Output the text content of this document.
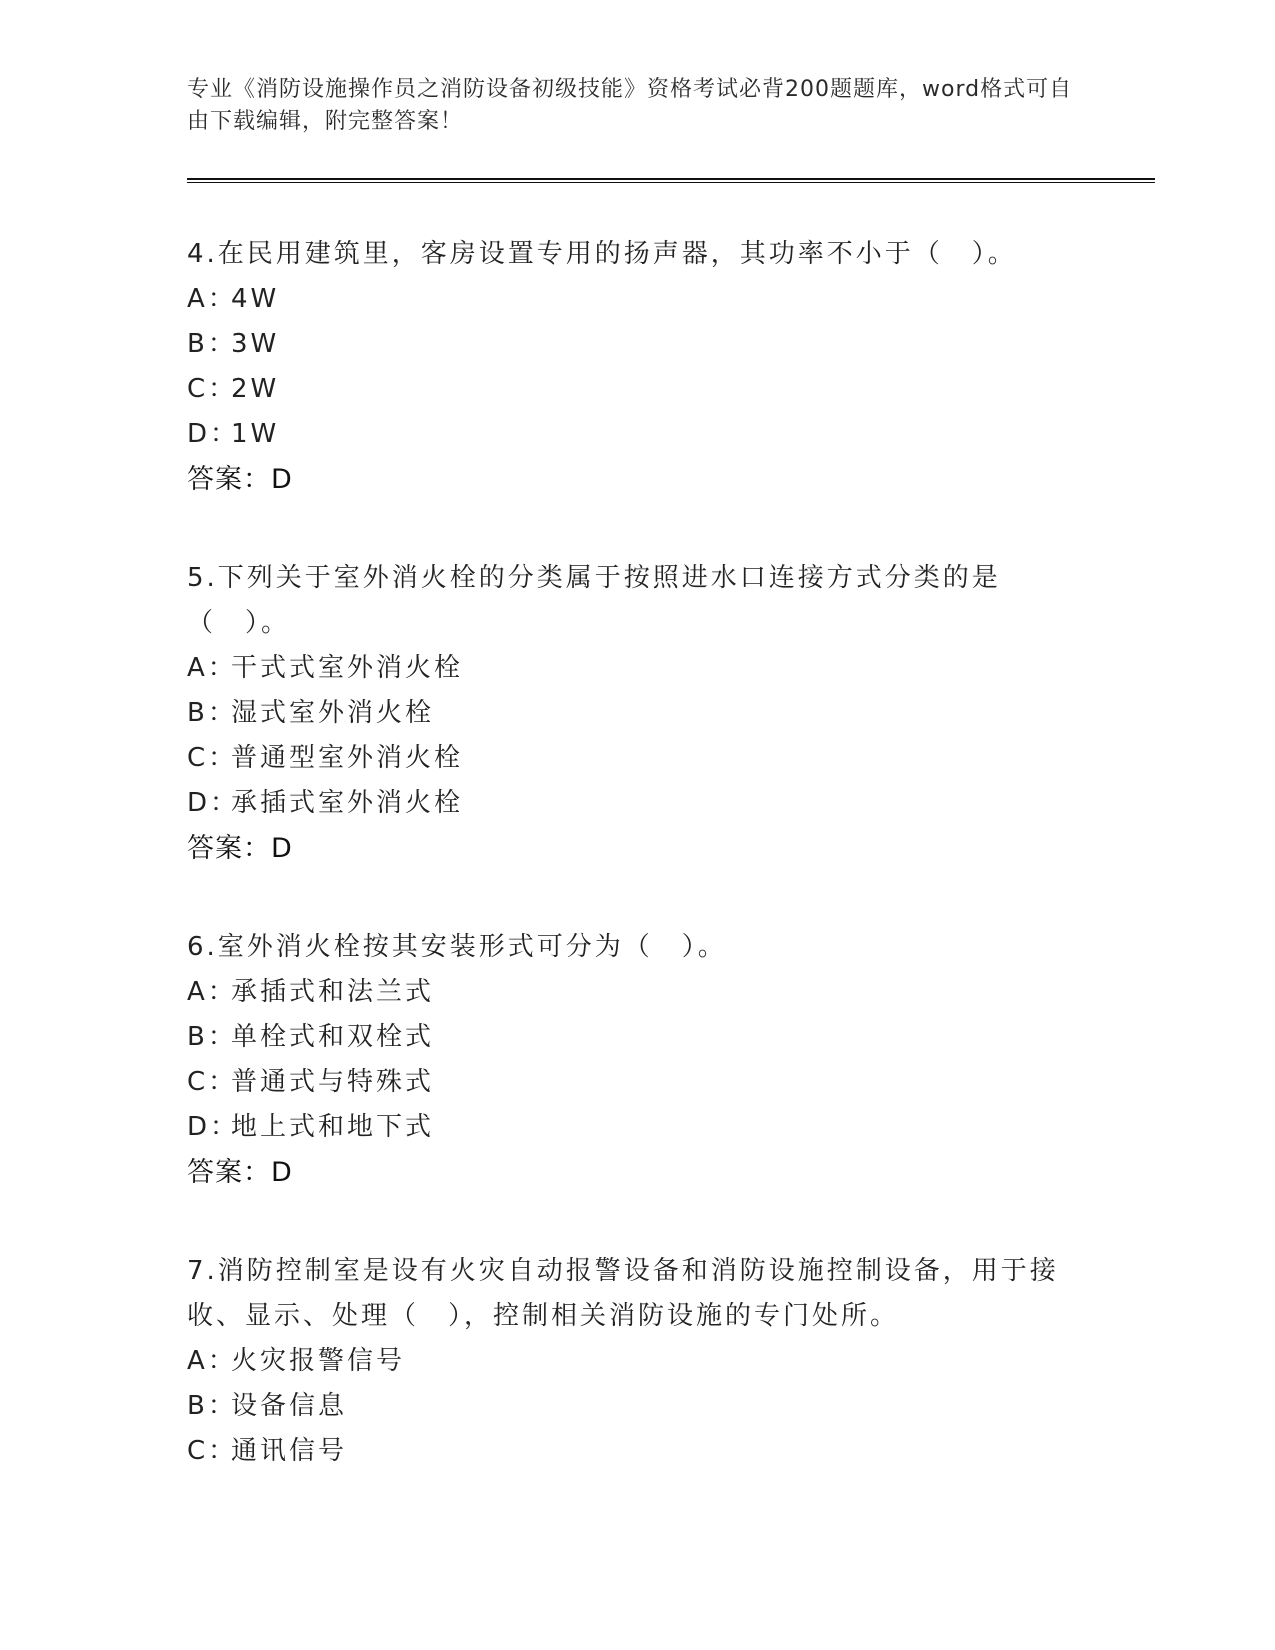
专业《消防设施操作员之消防设备初级技能》资格考试必背200题题库，word格式可自由下载编辑，附完整答案！

4.在民用建筑里，客房设置专用的扬声器，其功率不小于（　）。

A：4W
B：3W
C：2W
D：1W
答案：D

5.下列关于室外消火栓的分类属于按照进水口连接方式分类的是（　）。

A：干式式室外消火栓
B：湿式室外消火栓
C：普通型室外消火栓
D：承插式室外消火栓
答案：D

6.室外消火栓按其安装形式可分为（　）。

A：承插式和法兰式
B：单栓式和双栓式
C：普通式与特殊式
D：地上式和地下式
答案：D

7.消防控制室是设有火灾自动报警设备和消防设施控制设备，用于接收、显示、处理（　），控制相关消防设施的专门处所。

A：火灾报警信号
B：设备信息
C：通讯信号
